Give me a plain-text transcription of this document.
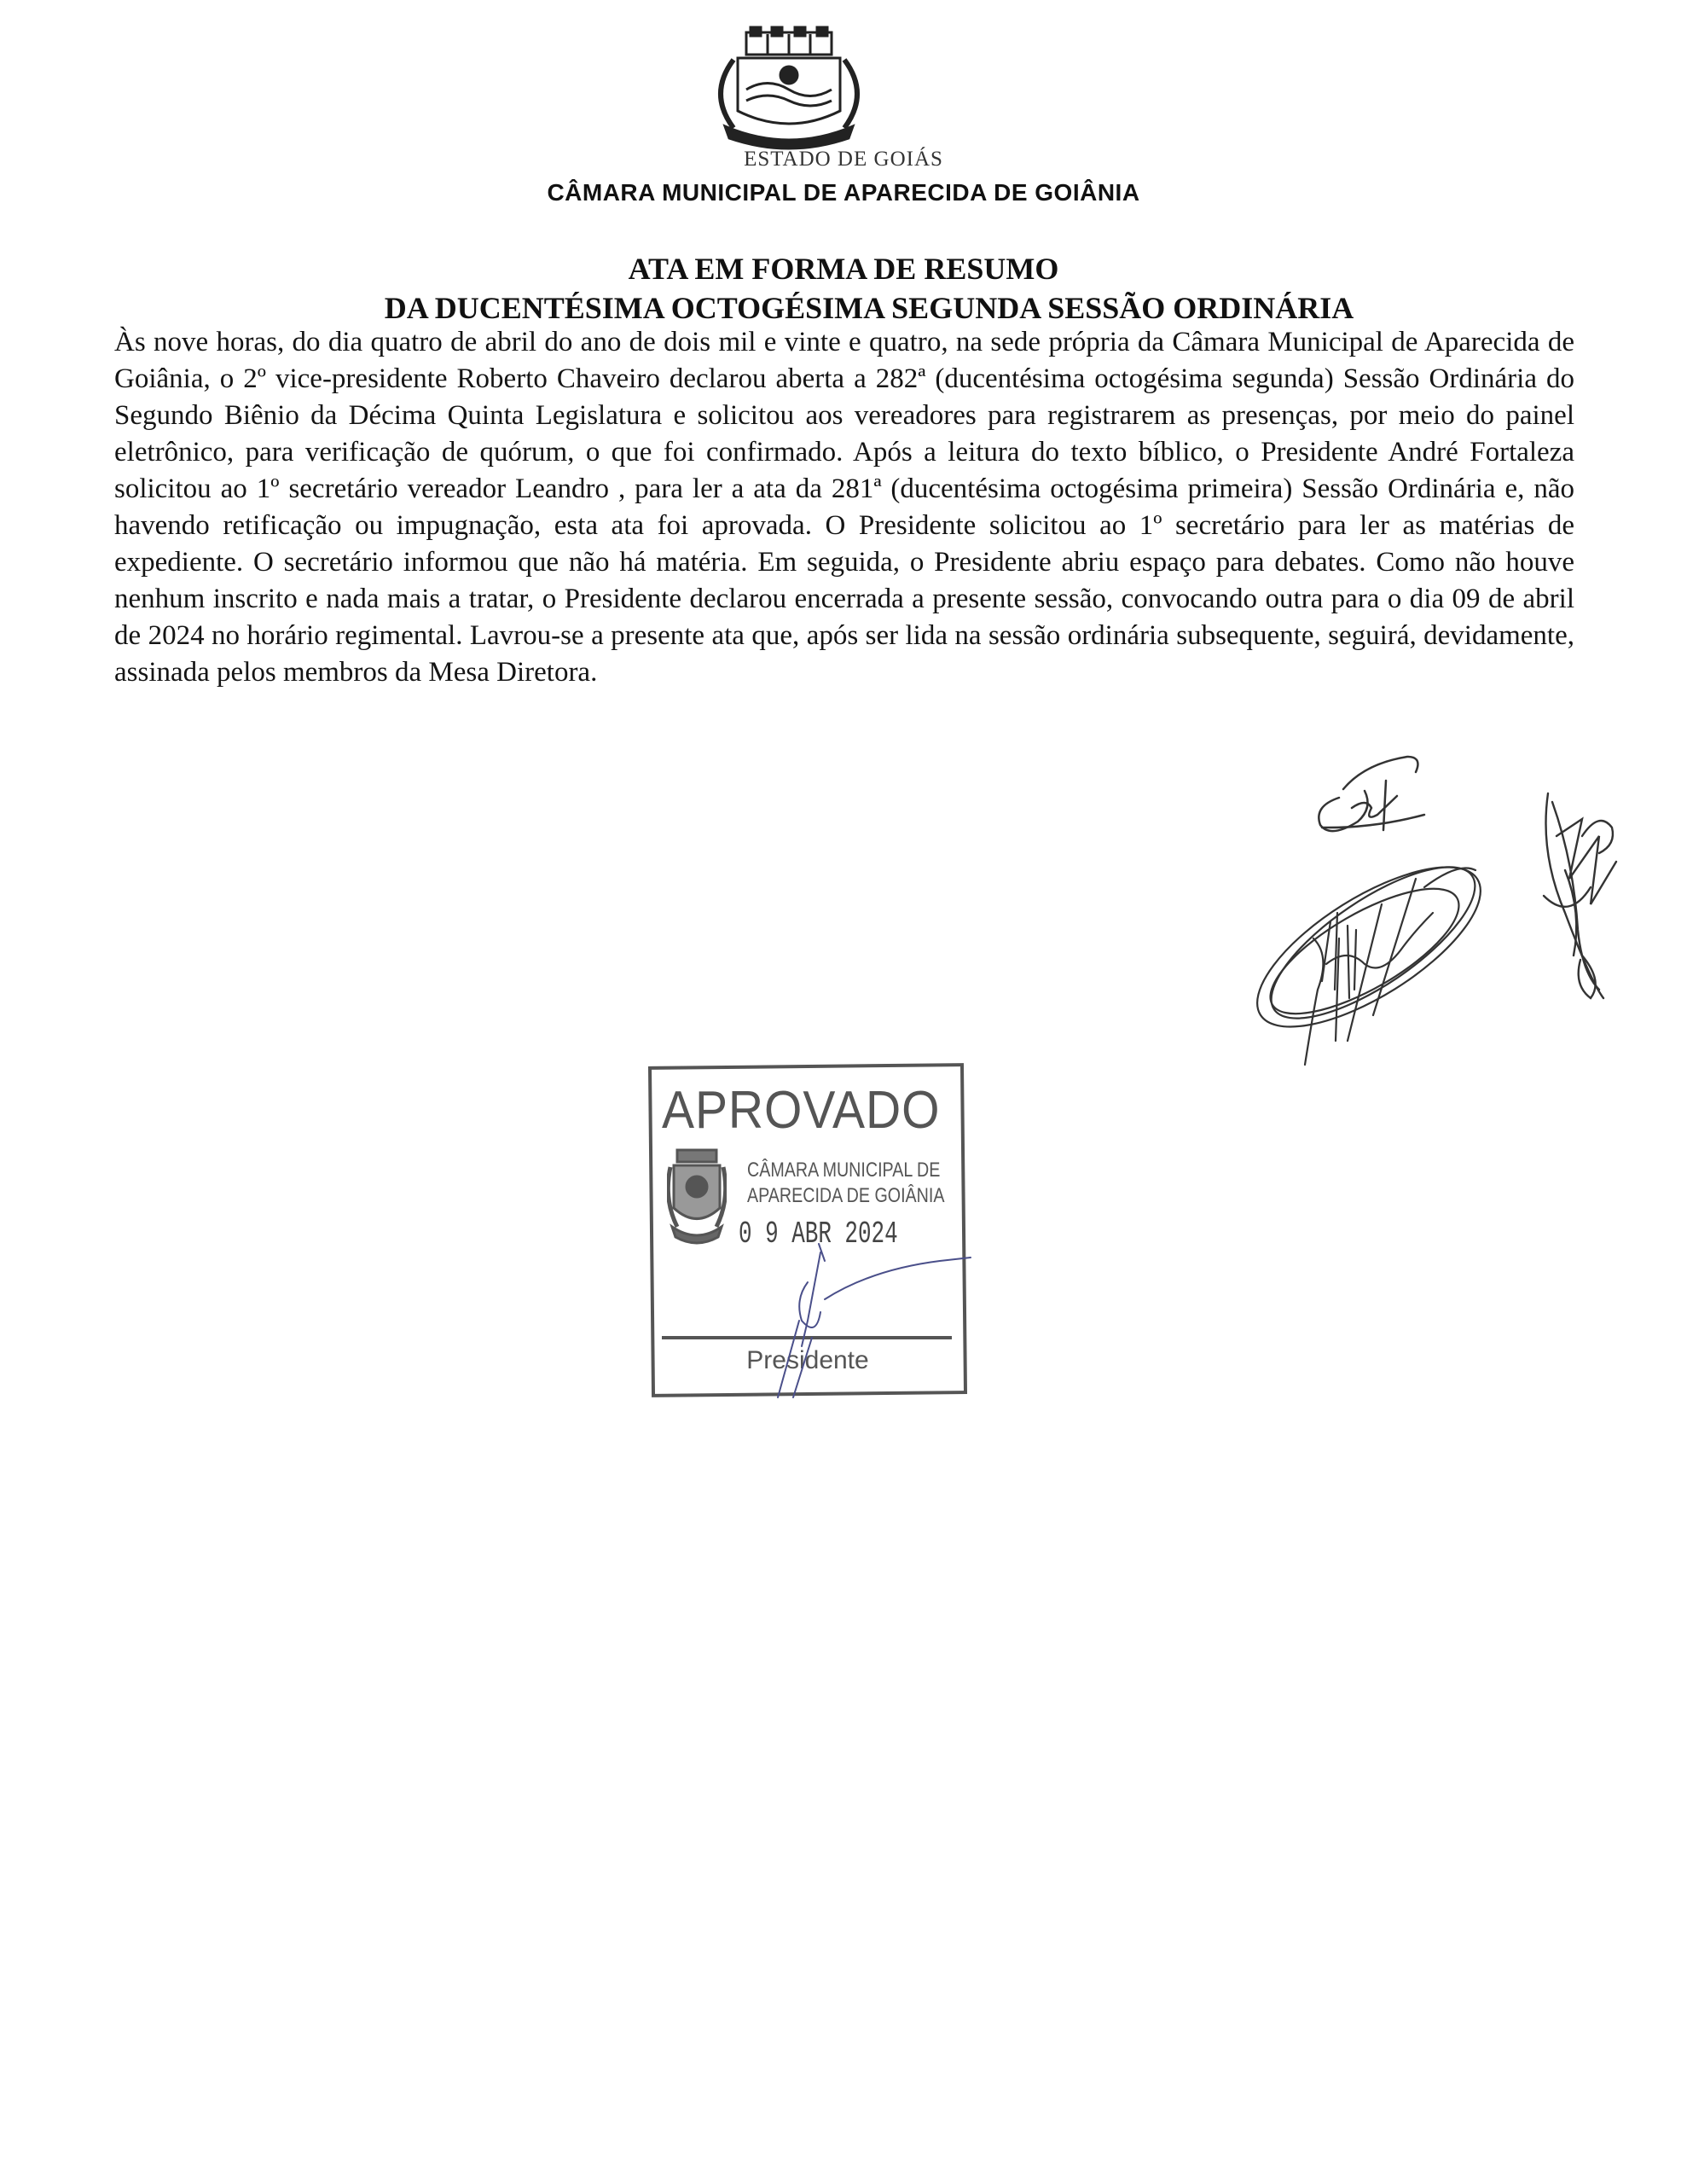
ESTADO DE GOIÁS
CÂMARA MUNICIPAL DE APARECIDA DE GOIÂNIA
ATA EM FORMA DE RESUMO
DA DUCENTÉSIMA OCTOGÉSIMA SEGUNDA SESSÃO ORDINÁRIA
Às nove horas, do dia quatro de abril do ano de dois mil e vinte e quatro, na sede própria da Câmara Municipal de Aparecida de Goiânia, o 2º vice-presidente Roberto Chaveiro declarou aberta a 282ª (ducentésima octogésima segunda) Sessão Ordinária do Segundo Biênio da Décima Quinta Legislatura e solicitou aos vereadores para registrarem as presenças, por meio do painel eletrônico, para verificação de quórum, o que foi confirmado. Após a leitura do texto bíblico, o Presidente André Fortaleza solicitou ao 1º secretário vereador Leandro , para ler a ata da 281ª (ducentésima octogésima primeira) Sessão Ordinária e, não havendo retificação ou impugnação, esta ata foi aprovada. O Presidente solicitou ao 1º secretário para ler as matérias de expediente. O secretário informou que não há matéria. Em seguida, o Presidente abriu espaço para debates. Como não houve nenhum inscrito e nada mais a tratar, o Presidente declarou encerrada a presente sessão, convocando outra para o dia 09 de abril de 2024 no horário regimental. Lavrou-se a presente ata que, após ser lida na sessão ordinária subsequente, seguirá, devidamente, assinada pelos membros da Mesa Diretora.
APROVADO
CÂMARA MUNICIPAL DE
APARECIDA DE GOIÂNIA
0 9 ABR 2024
Presidente
